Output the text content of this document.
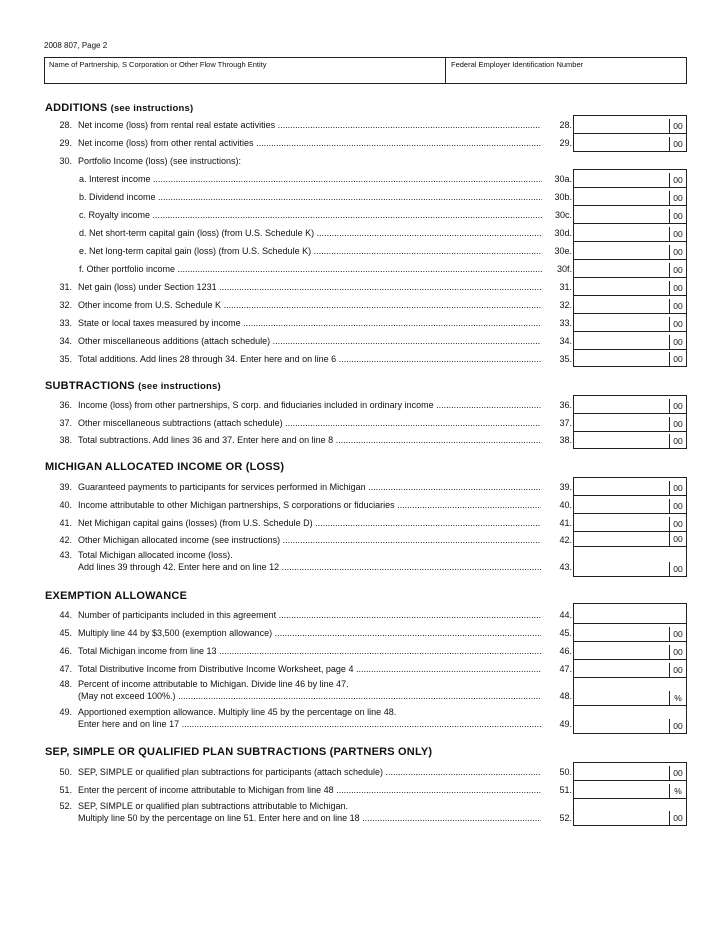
2008 807, Page 2
Name of Partnership, S Corporation or Other Flow Through Entity	Federal Employer Identification Number
ADDITIONS (see instructions)
28. Net income (loss) from rental real estate activities .....	28.	00
29. Net income (loss) from other rental activities .....	29.	00
30. Portfolio Income (loss) (see instructions):
a. Interest income .....	30a.	00
b. Dividend income .....	30b.	00
c. Royalty income .....	30c.	00
d. Net short-term capital gain (loss) (from U.S. Schedule K) .....	30d.	00
e. Net long-term capital gain (loss) (from U.S. Schedule K) .....	30e.	00
f. Other portfolio income .....	30f.	00
31. Net gain (loss) under Section 1231 .....	31.	00
32. Other income from U.S. Schedule K .....	32.	00
33. State or local taxes measured by income .....	33.	00
34. Other miscellaneous additions (attach schedule) .....	34.	00
35. Total additions. Add lines 28 through 34. Enter here and on line 6 .....	35.	00
SUBTRACTIONS (see instructions)
36. Income (loss) from other partnerships, S corp. and fiduciaries included in ordinary income .....	36.	00
37. Other miscellaneous subtractions (attach schedule) .....	37.	00
38. Total subtractions. Add lines 36 and 37. Enter here and on line 8 .....	38.	00
MICHIGAN ALLOCATED INCOME OR (LOSS)
39. Guaranteed payments to participants for services performed in Michigan .....	39.	00
40. Income attributable to other Michigan partnerships, S corporations or fiduciaries .....	40.	00
41. Net Michigan capital gains (losses) (from U.S. Schedule D) .....	41.	00
42. Other Michigan allocated income (see instructions) .....	42.	00
43. Total Michigan allocated income (loss).
Add lines 39 through 42. Enter here and on line 12 .....	43.	00
EXEMPTION ALLOWANCE
44. Number of participants included in this agreement .....	44.
45. Multiply line 44 by $3,500 (exemption allowance) .....	45.	00
46. Total Michigan income from line 13 .....	46.	00
47. Total Distributive Income from Distributive Income Worksheet, page 4 .....	47.	00
48. Percent of income attributable to Michigan. Divide line 46 by line 47.
(May not exceed 100%.) .....	48.	%
49. Apportioned exemption allowance. Multiply line 45 by the percentage on line 48.
Enter here and on line 17 .....	49.	00
SEP, SIMPLE OR QUALIFIED PLAN SUBTRACTIONS (PARTNERS ONLY)
50. SEP, SIMPLE or qualified plan subtractions for participants (attach schedule) .....	50.	00
51. Enter the percent of income attributable to Michigan from line 48 .....	51.	%
52. SEP, SIMPLE or qualified plan subtractions attributable to Michigan.
Multiply line 50 by the percentage on line 51. Enter here and on line 18 .....	52.	00
